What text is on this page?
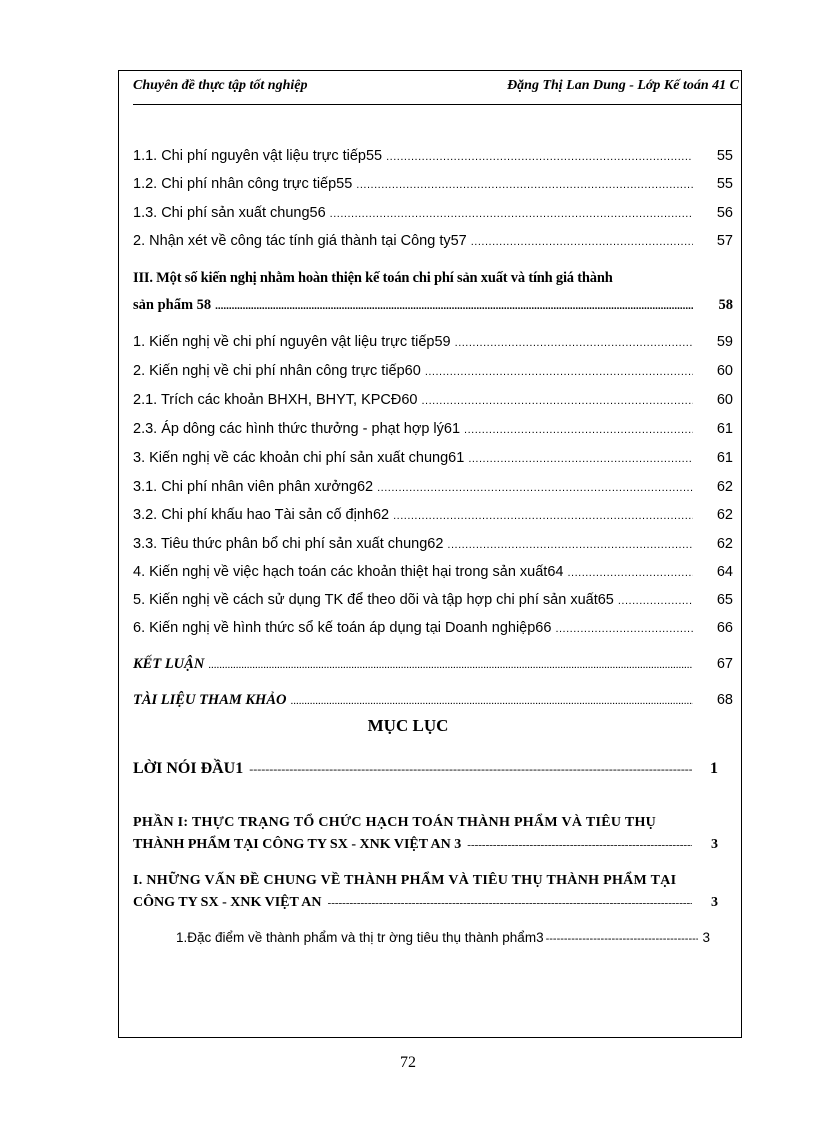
Chuyên đề thực tập tốt nghiệp	Đặng Thị Lan Dung - Lớp Kế toán 41 C
1.1. Chi phí nguyên vật liệu trực tiếp55 .....	55
1.2. Chi phí nhân công trực tiếp55 .....	55
1.3. Chi phí sản xuất chung56 .....	56
2. Nhận xét về công tác tính giá thành tại Công ty57 .....	57
III. Một số kiến nghị nhằm hoàn thiện kế toán chi phí sản xuất và tính giá thành
sản phẩm 58 .....	58
1. Kiến nghị về chi phí nguyên vật liệu trực tiếp59 .....	59
2. Kiến nghị về chi phí nhân công trực tiếp60 .....	60
2.1. Trích các khoản BHXH, BHYT, KPCĐ60 .....	60
2.3. Áp dông các hình thức thưởng - phạt hợp lý61 .....	61
3. Kiến nghị về các khoản chi phí sản xuất chung61 .....	61
3.1. Chi phí nhân viên phân xưởng62 .....	62
3.2. Chi phí khấu hao Tài sản cố định62 .....	62
3.3. Tiêu thức phân bổ chi phí sản xuất chung62 .....	62
4. Kiến nghị về việc hạch toán các khoản thiệt hại trong sản xuất64 .....	64
5. Kiến nghị về cách sử dụng TK để theo dõi và tập hợp chi phí sản xuất65 .....	65
6. Kiến nghị về hình thức sổ kế toán áp dụng tại Doanh nghiệp66 .....	66
KẾT LUẬN .....	67
TÀI LIỆU THAM KHẢO .....	68
MỤC LỤC
LỜI NÓI ĐẦU1 -----	1
PHẦN I: THỰC TRẠNG TỔ CHỨC HẠCH TOÁN THÀNH PHẨM VÀ TIÊU THỤ
THÀNH PHẨM TẠI CÔNG TY SX - XNK VIỆT AN 3 -----	3
I. NHỮNG VẤN ĐỀ CHUNG VỀ THÀNH PHẨM VÀ TIÊU THỤ THÀNH PHẨM TẠI
CÔNG TY SX - XNK VIỆT AN -----	3
1.Đặc điểm về thành phẩm và thị tr ờng tiêu thụ thành phẩm3 -----	3
72
